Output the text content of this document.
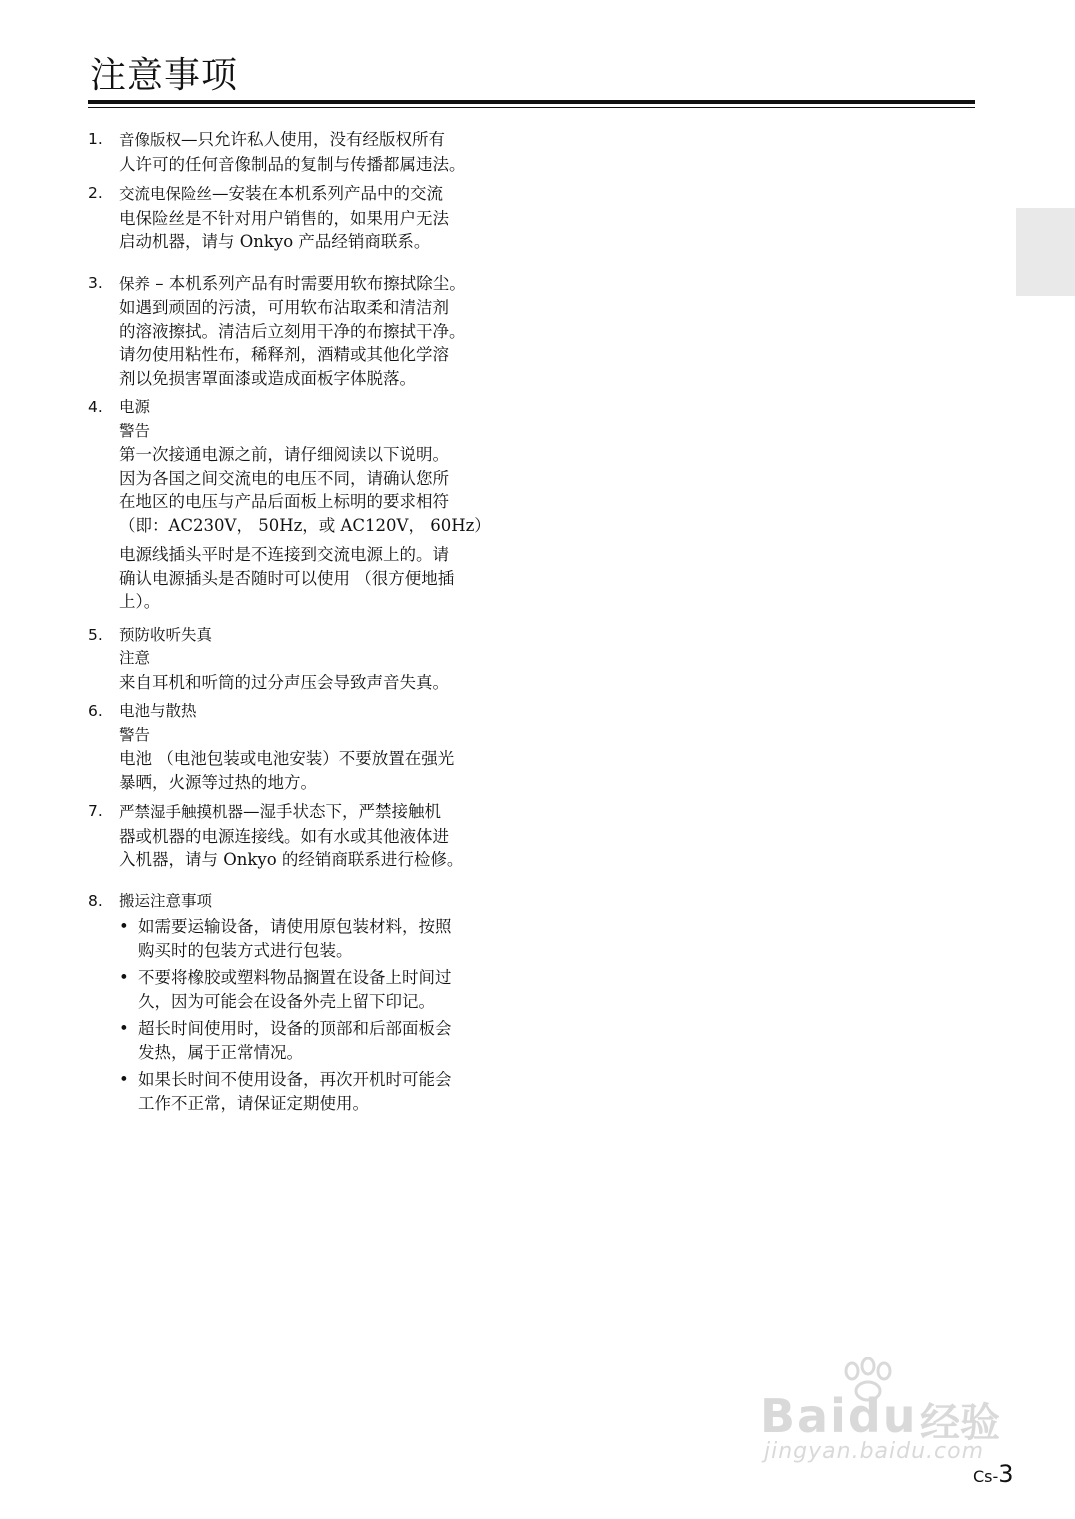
注意事项
1. 音像版权—只允许私人使用，没有经版权所有
人许可的任何音像制品的复制与传播都属违法。
2. 交流电保险丝—安装在本机系列产品中的交流
电保险丝是不针对用户销售的，如果用户无法
启动机器，请与 Onkyo 产品经销商联系。
3. 保养 – 本机系列产品有时需要用软布擦拭除尘。
如遇到顽固的污渍，可用软布沾取柔和清洁剂
的溶液擦拭。清洁后立刻用干净的布擦拭干净。
请勿使用粘性布，稀释剂，酒精或其他化学溶
剂以免损害罩面漆或造成面板字体脱落。
4. 电源
警告

第一次接通电源之前，请仔细阅读以下说明。
因为各国之间交流电的电压不同，请确认您所
在地区的电压与产品后面板上标明的要求相符
（即：AC230V， 50Hz，或 AC120V， 60Hz）

电源线插头平时是不连接到交流电源上的。请
确认电源插头是否随时可以使用 （很方便地插
上）。

5. 预防收听失真
注意

来自耳机和听筒的过分声压会导致声音失真。

6. 电池与散热
警告

电池 （电池包装或电池安装）不要放置在强光
暴晒，火源等过热的地方。

7. 严禁湿手触摸机器—湿手状态下，严禁接触机
器或机器的电源连接线。如有水或其他液体进
入机器，请与 Onkyo 的经销商联系进行检修。
8. 搬运注意事项
• 如需要运输设备，请使用原包装材料，按照
购买时的包装方式进行包装。
• 不要将橡胶或塑料物品搁置在设备上时间过
久，因为可能会在设备外壳上留下印记。
• 超长时间使用时，设备的顶部和后部面板会
发热，属于正常情况。
• 如果长时间不使用设备，再次开机时可能会
工作不正常，请保证定期使用。
Baidu 经验
jingyan.baidu.com
Cs-3
